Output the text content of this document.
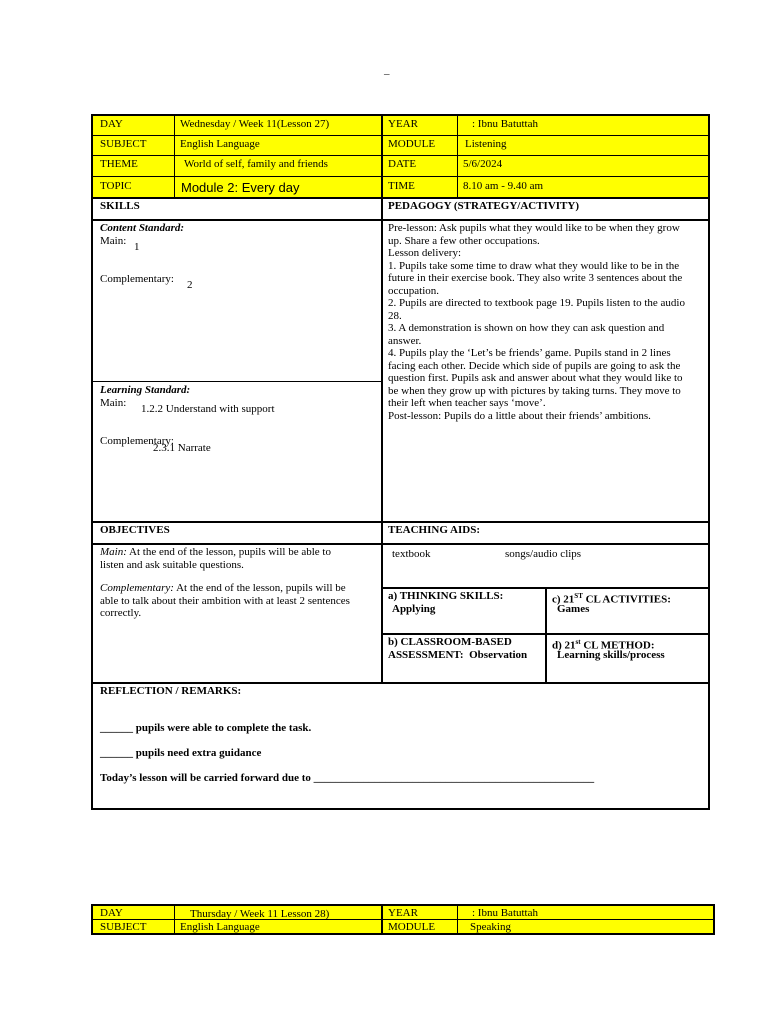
–
DAY	Wednesday / Week 11(Lesson 27)	YEAR	: Ibnu Batuttah
SUBJECT	English Language	MODULE	Listening
THEME	World of self, family and friends	DATE	5/6/2024
TOPIC	Module 2: Every day	TIME	8.10 am - 9.40 am
SKILLS	PEDAGOGY (STRATEGY/ACTIVITY)
Content Standard:
Main: 1
Complementary: 2
Learning Standard:
Main: 1.2.2 Understand with support
Complementary:
2.3.1 Narrate
Pre-lesson: Ask pupils what they would like to be when they grow
up. Share a few other occupations.
Lesson delivery:
1. Pupils take some time to draw what they would like to be in the
future in their exercise book. They also write 3 sentences about the
occupation.
2. Pupils are directed to textbook page 19. Pupils listen to the audio
28.
3. A demonstration is shown on how they can ask question and
answer.
4. Pupils play the ‘Let’s be friends’ game. Pupils stand in 2 lines
facing each other. Decide which side of pupils are going to ask the
question first. Pupils ask and answer about what they would like to
be when they grow up with pictures by taking turns. They move to
their left when teacher says ‘move’.
Post-lesson: Pupils do a little about their friends’ ambitions.
OBJECTIVES	TEACHING AIDS:
Main: At the end of the lesson, pupils will be able to
listen and ask suitable questions.
Complementary: At the end of the lesson, pupils will be
able to talk about their ambition with at least 2 sentences
correctly.
textbook	songs/audio clips
a) THINKING SKILLS:
Applying
c) 21ST CL ACTIVITIES:
Games
b) CLASSROOM-BASED
ASSESSMENT: Observation
d) 21st CL METHOD:
Learning skills/process
REFLECTION / REMARKS:
______ pupils were able to complete the task.
______ pupils need extra guidance
Today’s lesson will be carried forward due to ___________________________________________________
DAY	Thursday / Week 11 Lesson 28)	YEAR	: Ibnu Batuttah
SUBJECT	English Language	MODULE	Speaking
